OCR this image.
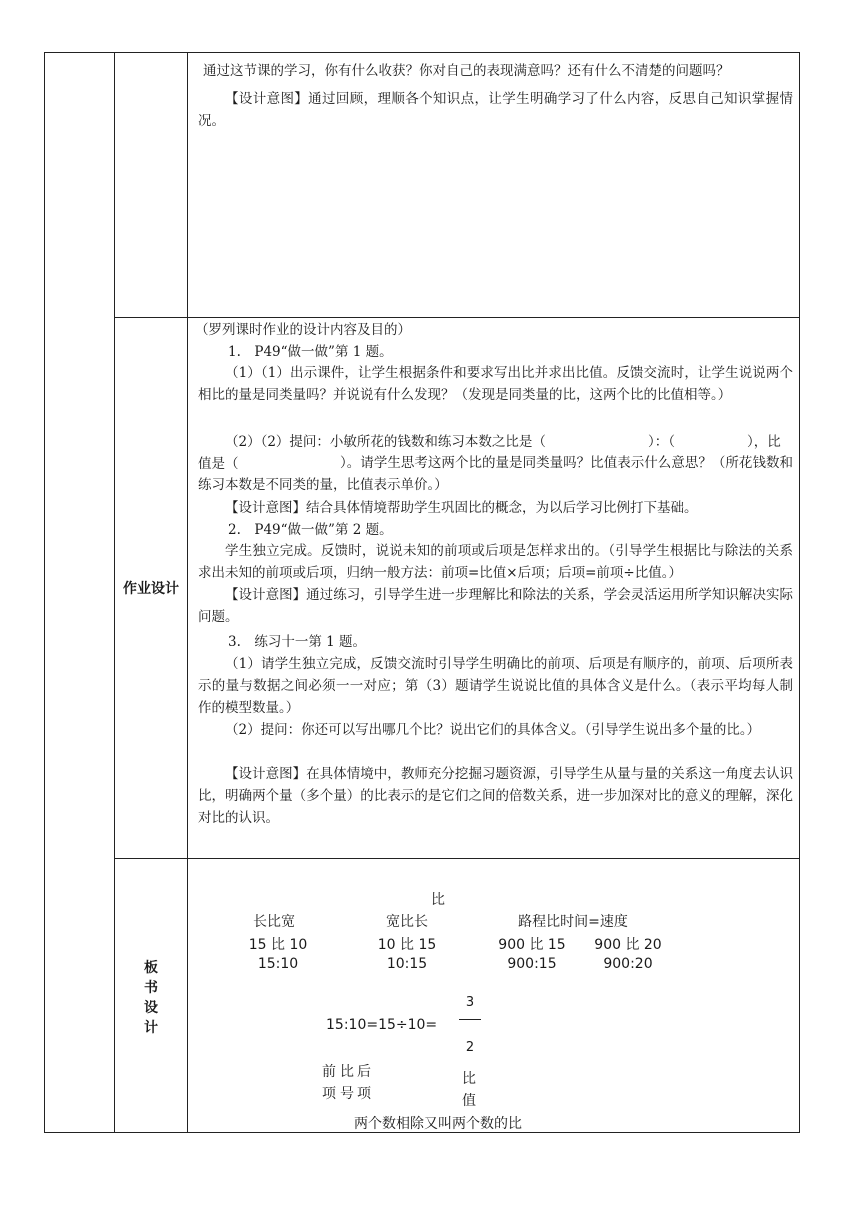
通过这节课的学习，你有什么收获？你对自己的表现满意吗？还有什么不清楚的问题吗？
【设计意图】通过回顾，理顺各个知识点，让学生明确学习了什么内容，反思自己知识掌握情况。
作业设计
（罗列课时作业的设计内容及目的）
1.　P49“做一做”第 1 题。
（1）（1）出示课件，让学生根据条件和要求写出比并求出比值。反馈交流时，让学生说说两个相比的量是同类量吗？并说说有什么发现？（发现是同类量的比，这两个比的比值相等。）
（2）（2）提问：小敏所花的钱数和练习本数之比是（	）：（	），比
值是（	）。请学生思考这两个比的量是同类量吗？比值表示什么意思？（所花钱数和练习本数是不同类的量，比值表示单价。）
【设计意图】结合具体情境帮助学生巩固比的概念，为以后学习比例打下基础。
2.　P49“做一做”第 2 题。
学生独立完成。反馈时，说说未知的前项或后项是怎样求出的。（引导学生根据比与除法的关系求出未知的前项或后项，归纳一般方法：前项=比值×后项；后项=前项÷比值。）
【设计意图】通过练习，引导学生进一步理解比和除法的关系，学会灵活运用所学知识解决实际问题。
3.　练习十一第 1 题。
（1）请学生独立完成，反馈交流时引导学生明确比的前项、后项是有顺序的，前项、后项所表示的量与数据之间必须一一对应；第（3）题请学生说说比值的具体含义是什么。（表示平均每人制作的模型数量。）
（2）提问：你还可以写出哪几个比？说出它们的具体含义。（引导学生说出多个量的比。）
【设计意图】在具体情境中，教师充分挖掘习题资源，引导学生从量与量的关系这一角度去认识比，明确两个量（多个量）的比表示的是它们之间的倍数关系，进一步加深对比的意义的理解，深化对比的认识。
板
书
设
计
比
长比宽	宽比长	路程比时间=速度
15 比 10	10 比 15	900 比 15 900 比 20
15:10	10:15	900:15	900:20
15:10=15÷10=
3
2
前 比 后
项 号 项
比
值
两个数相除又叫两个数的比
